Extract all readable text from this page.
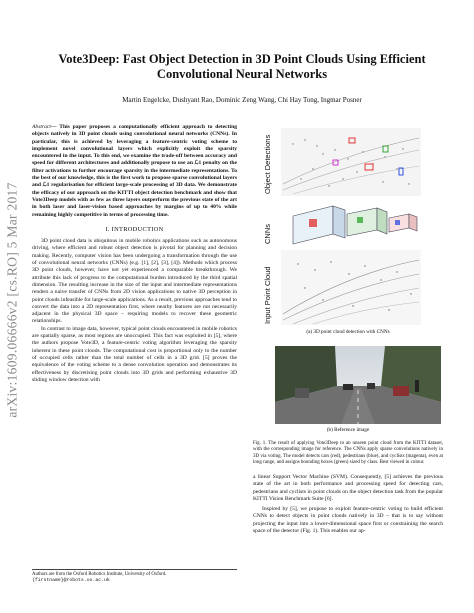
arXiv:1609.06666v2 [cs.RO] 5 Mar 2017
Vote3Deep: Fast Object Detection in 3D Point Clouds Using Efficient
Convolutional Neural Networks
Martin Engelcke, Dushyant Rao, Dominic Zeng Wang, Chi Hay Tong, Ingmar Posner

Abstract— This paper proposes a computationally efficient approach to detecting objects natively in 3D point clouds using convolutional neural networks (CNNs). In particular, this is achieved by leveraging a feature-centric voting scheme to implement novel convolutional layers which explicitly exploit the sparsity encountered in the input. To this end, we examine the trade-off between accuracy and speed for different architectures and additionally propose to use an ℒ1 penalty on the filter activations to further encourage sparsity in the intermediate representations. To the best of our knowledge, this is the first work to propose sparse convolutional layers and ℒ1 regularisation for efficient large-scale processing of 3D data. We demonstrate the efficacy of our approach on the KITTI object detection benchmark and show that Vote3Deep models with as few as three layers outperform the previous state of the art in both laser and laser-vision based approaches by margins of up to 40% while remaining highly competitive in terms of processing time.

I. INTRODUCTION

3D point cloud data is ubiquitous in mobile robotics applications such as autonomous driving, where efficient and robust object detection is pivotal for planning and decision making. Recently, computer vision has been undergoing a transformation through the use of convolutional neural networks (CNNs) (e.g. [1], [2], [3], [4]). Methods which process 3D point clouds, however, have not yet experienced a comparable breakthrough. We attribute this lack of progress to the computational burden introduced by the third spatial dimension. The resulting increase in the size of the input and intermediate representations renders a naive transfer of CNNs from 2D vision applications to native 3D perception in point clouds infeasible for large-scale applications. As a result, previous approaches tend to convert the data into a 2D representation first, where nearby features are not necessarily adjacent in the physical 3D space – requiring models to recover these geometric relationships.

In contrast to image data, however, typical point clouds encountered in mobile robotics are spatially sparse, as most regions are unoccupied. This fact was exploited in [5], where the authors propose Vote3D, a feature-centric voting algorithm leveraging the sparsity inherent in these point clouds. The computational cost is proportional only to the number of occupied cells rather than the total number of cells in a 3D grid. [5] proves the equivalence of the voting scheme to a dense convolution operation and demonstrates its effectiveness by discretising point clouds into 3D grids and performing exhaustive 3D sliding window detection with

Authors are from the Oxford Robotics Institute, University of Oxford.
{firstname}@robots.ox.ac.uk
Object Detections
CNNs
Input Point Cloud
(a) 3D point cloud detection with CNNs
(b) Reference image
Fig. 1. The result of applying Vote3Deep to an unseen point cloud from the KITTI dataset, with the corresponding image for reference. The CNNs apply sparse convolutions natively in 3D via voting. The model detects cars (red), pedestrians (blue), and cyclists (magenta), even at long range, and assigns bounding boxes (green) sized by class. Best viewed in colour.

a linear Support Vector Machine (SVM). Consequently, [5] achieves the previous state of the art in both performance and processing speed for detecting cars, pedestrians and cyclists in point clouds on the object detection task from the popular KITTI Vision Benchmark Suite [6].

Inspired by [5], we propose to exploit feature-centric voting to build efficient CNNs to detect objects in point clouds natively in 3D – that is to say without projecting the input into a lower-dimensional space first or constraining the search space of the detector (Fig. 1). This enables our ap-
